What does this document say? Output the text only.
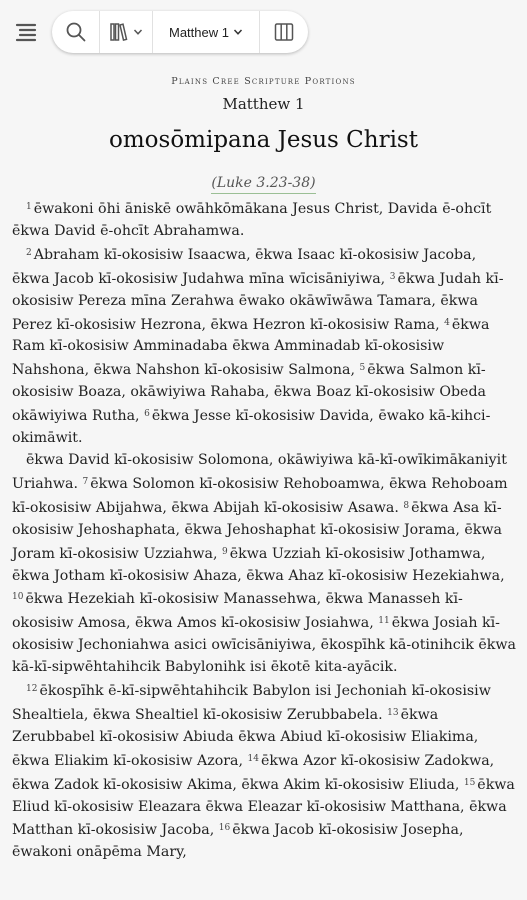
Matthew 1
Plains Cree Scripture Portions
Matthew 1
omosōmipana Jesus Christ
(Luke 3.23-38)

$^1$ ēwakoni ōhi āniskē owāhkōmākana Jesus Christ, Davida ē-ohcīt ēkwa David ē-ohcīt Abrahamwa.

$^2$ Abraham kī-okosisiw Isaacwa, ēkwa Isaac kī-okosisiw Jacoba, ēkwa Jacob kī-okosisiw Judahwa mīna wīcisāniyiwa, $^3$ ēkwa Judah kī-okosisiw Pereza mīna Zerahwa ēwako okāwīwāwa Tamara, ēkwa Perez kī-okosisiw Hezrona, ēkwa Hezron kī-okosisiw Rama, $^4$ ēkwa Ram kī-okosisiw Amminadaba ēkwa Amminadab kī-okosisiw Nahshona, ēkwa Nahshon kī-okosisiw Salmona, $^5$ ēkwa Salmon kī-okosisiw Boaza, okāwiyiwa Rahaba, ēkwa Boaz kī-okosisiw Obeda okāwiyiwa Rutha, $^6$ ēkwa Jesse kī-okosisiw Davida, ēwako kā-kihci-okimāwit.

ēkwa David kī-okosisiw Solomona, okāwiyiwa kā-kī-owīkimākaniyit Uriahwa. $^7$ ēkwa Solomon kī-okosisiw Rehoboamwa, ēkwa Rehoboam kī-okosisiw Abijahwa, ēkwa Abijah kī-okosisiw Asawa. $^8$ ēkwa Asa kī-okosisiw Jehoshaphata, ēkwa Jehoshaphat kī-okosisiw Jorama, ēkwa Joram kī-okosisiw Uzziahwa, $^9$ ēkwa Uzziah kī-okosisiw Jothamwa, ēkwa Jotham kī-okosisiw Ahaza, ēkwa Ahaz kī-okosisiw Hezekiahwa, $^{10}$ ēkwa Hezekiah kī-okosisiw Manassehwa, ēkwa Manasseh kī-okosisiw Amosa, ēkwa Amos kī-okosisiw Josiahwa, $^{11}$ ēkwa Josiah kī-okosisiw Jechoniahwa asici owīcisāniyiwa, ēkospīhk kā-otinihcik ēkwa kā-kī-sipwēhtahihcik Babylonihk isi ēkotē kita-ayācik.

$^{12}$ ēkospīhk ē-kī-sipwēhtahihcik Babylon isi Jechoniah kī-okosisiw Shealtiela, ēkwa Shealtiel kī-okosisiw Zerubbabela. $^{13}$ ēkwa Zerubbabel kī-okosisiw Abiuda ēkwa Abiud kī-okosisiw Eliakima, ēkwa Eliakim kī-okosisiw Azora, $^{14}$ ēkwa Azor kī-okosisiw Zadokwa, ēkwa Zadok kī-okosisiw Akima, ēkwa Akim kī-okosisiw Eliuda, $^{15}$ ēkwa Eliud kī-okosisiw Eleazara ēkwa Eleazar kī-okosisiw Matthana, ēkwa Matthan kī-okosisiw Jacoba, $^{16}$ ēkwa Jacob kī-okosisiw Josepha, ēwakoni onāpēma Mary,
